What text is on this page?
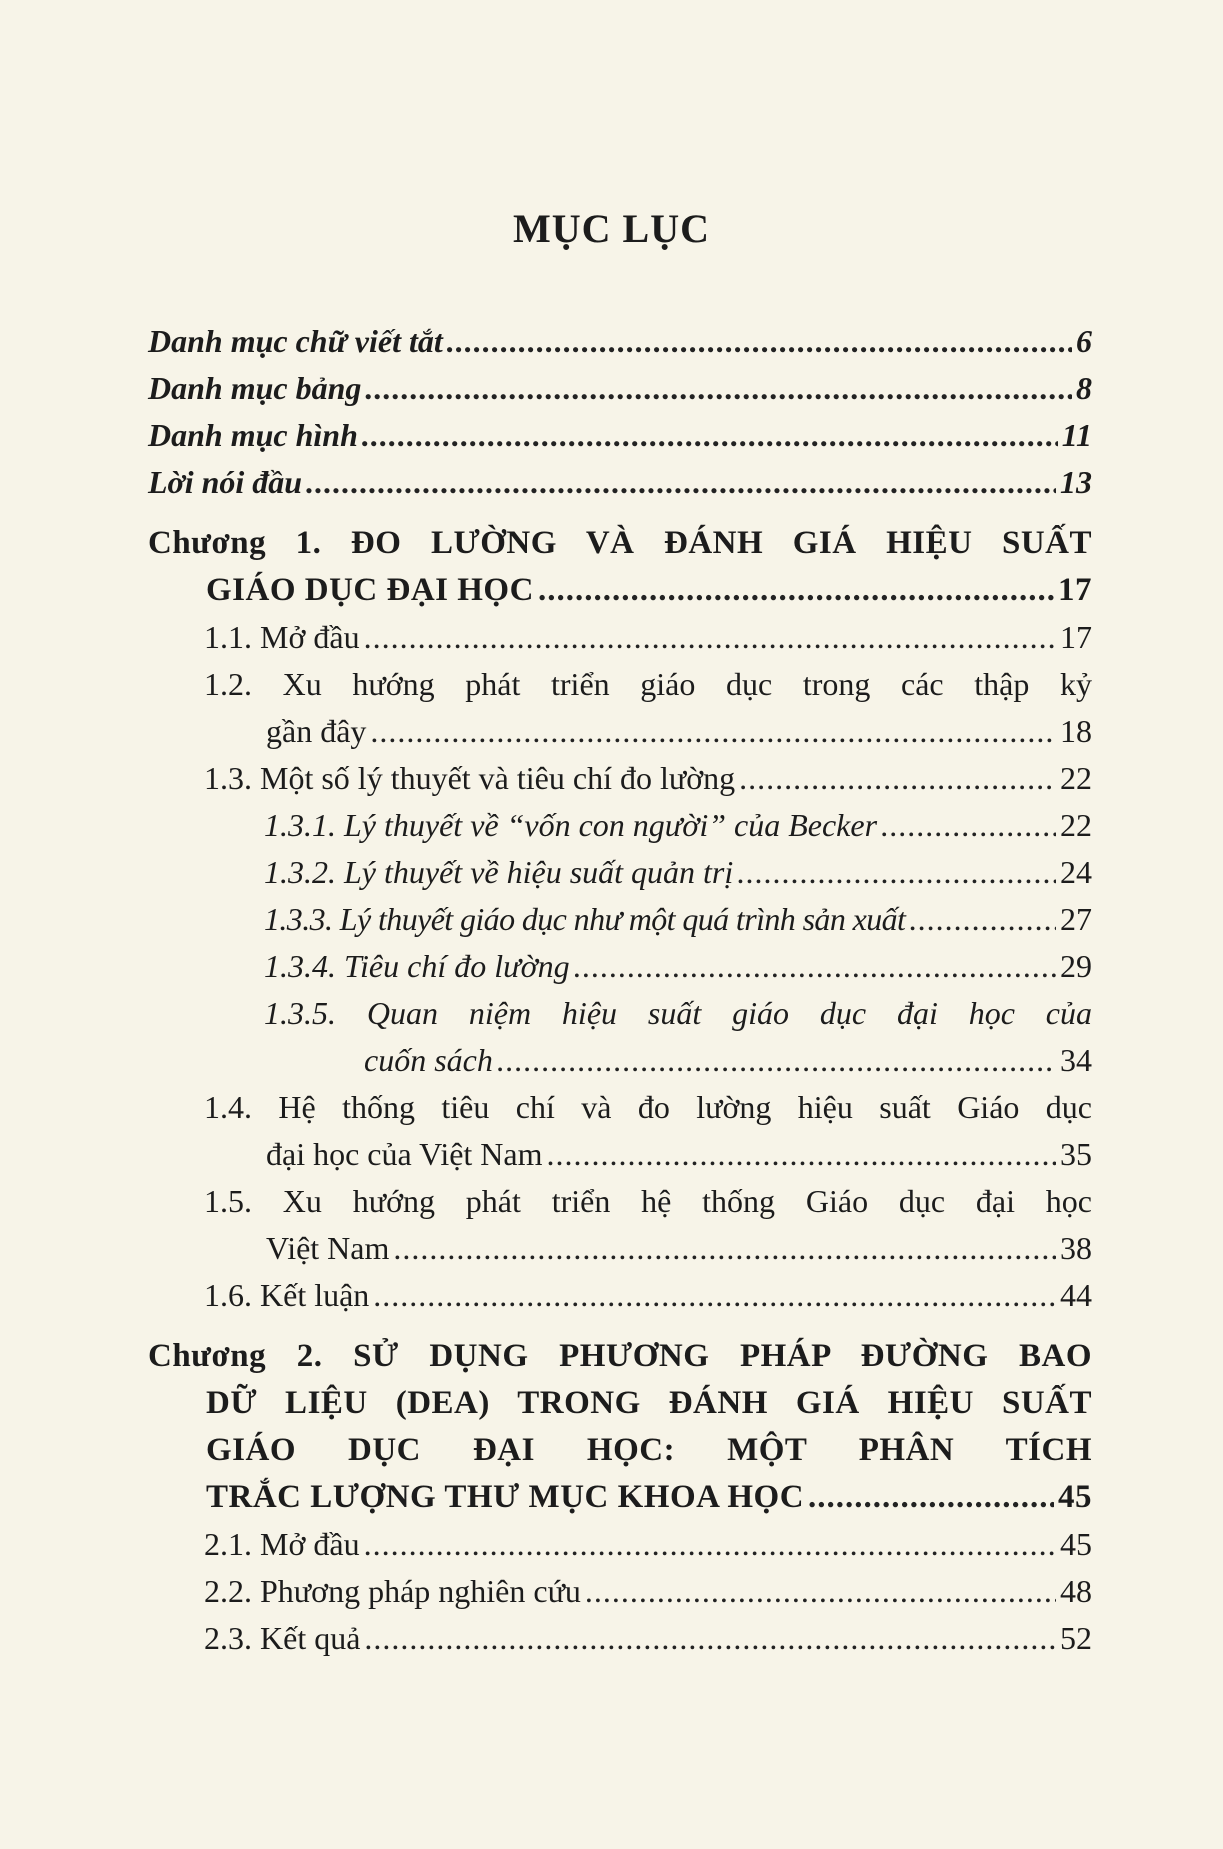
MỤC LỤC
Danh mục chữ viết tắt .....	6
Danh mục bảng .....	8
Danh mục hình .....	11
Lời nói đầu .....	13
Chương 1. ĐO LƯỜNG VÀ ĐÁNH GIÁ HIỆU SUẤT
GIÁO DỤC ĐẠI HỌC .....	17
1.1. Mở đầu .....	17
1.2. Xu hướng phát triển giáo dục trong các thập kỷ
gần đây .....	18
1.3. Một số lý thuyết và tiêu chí đo lường .....	22
1.3.1. Lý thuyết về “vốn con người” của Becker .....	22
1.3.2. Lý thuyết về hiệu suất quản trị .....	24
1.3.3. Lý thuyết giáo dục như một quá trình sản xuất .....	27
1.3.4. Tiêu chí đo lường .....	29
1.3.5. Quan niệm hiệu suất giáo dục đại học của
cuốn sách .....	34
1.4. Hệ thống tiêu chí và đo lường hiệu suất Giáo dục
đại học của Việt Nam .....	35
1.5. Xu hướng phát triển hệ thống Giáo dục đại học
Việt Nam .....	38
1.6. Kết luận .....	44
Chương 2. SỬ DỤNG PHƯƠNG PHÁP ĐƯỜNG BAO
DỮ LIỆU (DEA) TRONG ĐÁNH GIÁ HIỆU SUẤT
GIÁO DỤC ĐẠI HỌC: MỘT PHÂN TÍCH
TRẮC LƯỢNG THƯ MỤC KHOA HỌC .....	45
2.1. Mở đầu .....	45
2.2. Phương pháp nghiên cứu .....	48
2.3. Kết quả .....	52
